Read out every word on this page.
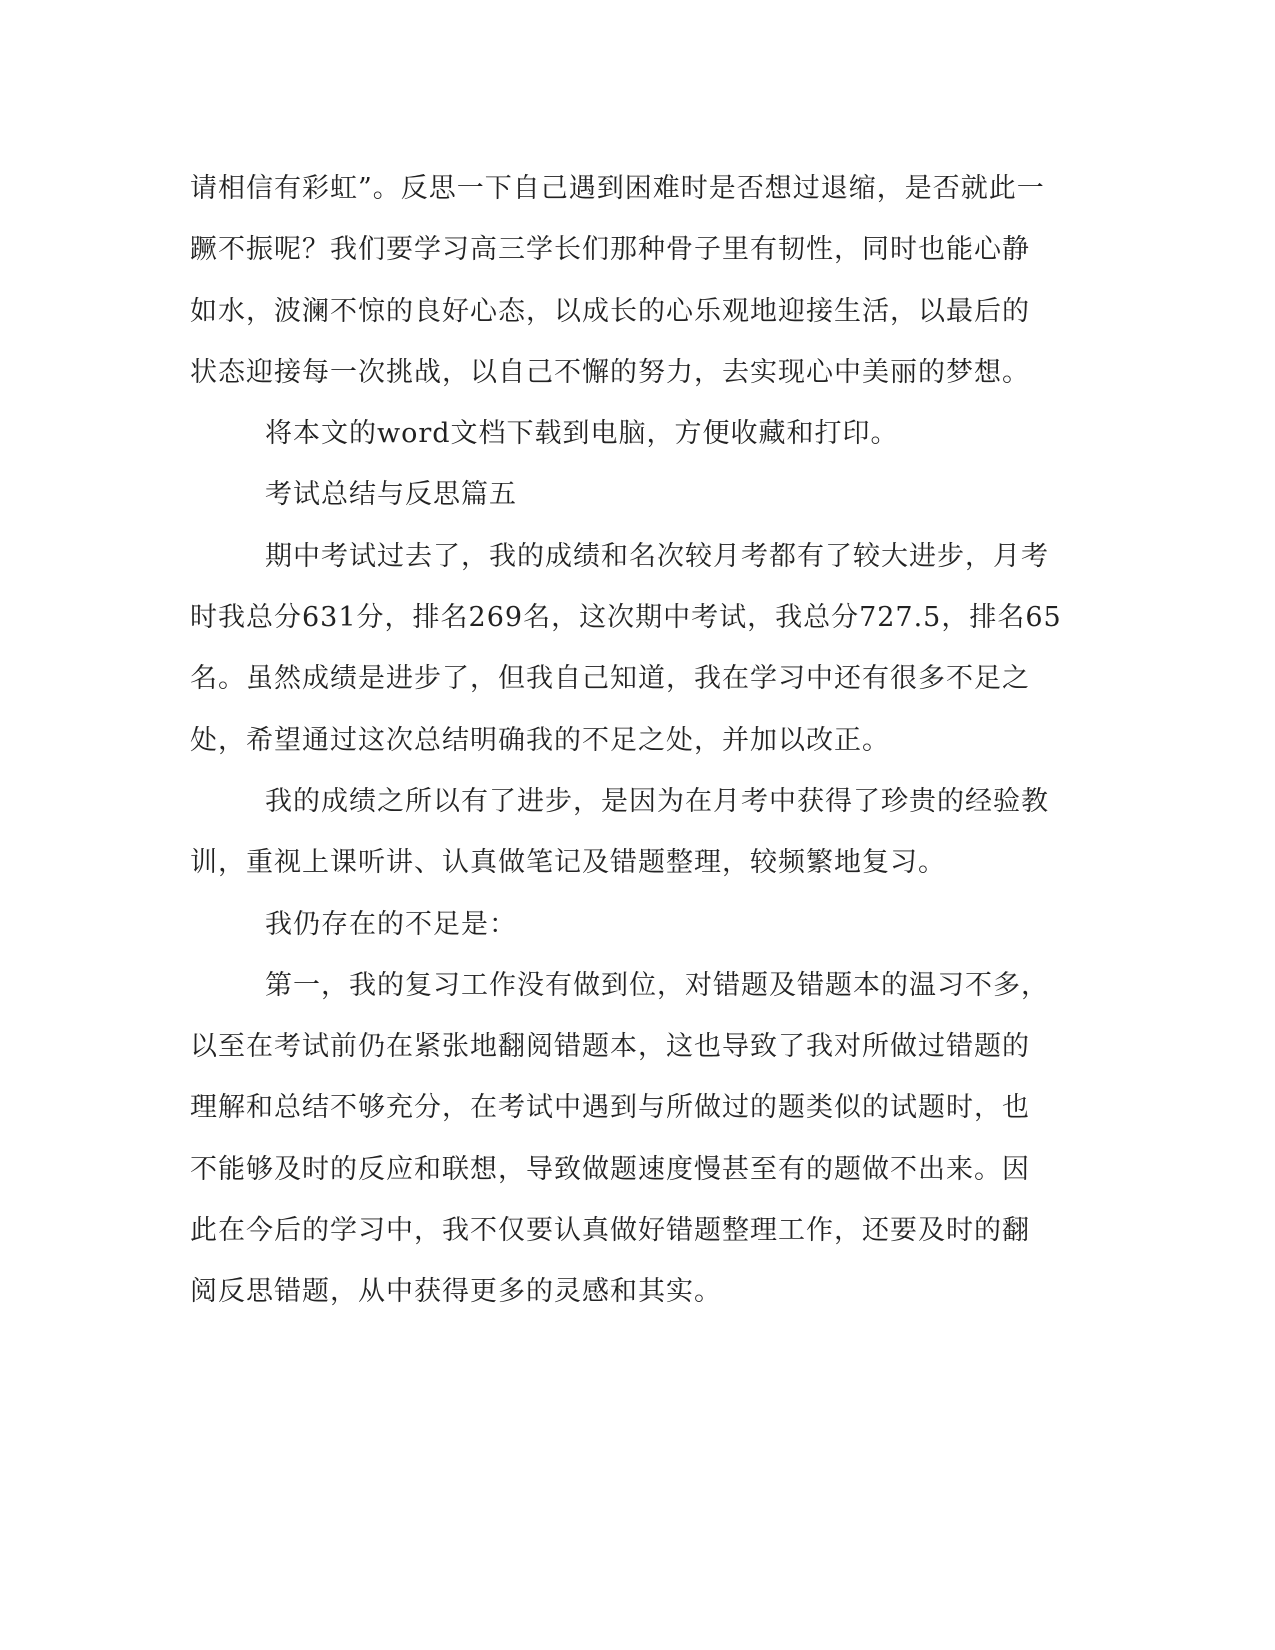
请相信有彩虹”。反思一下自己遇到困难时是否想过退缩，是否就此一
蹶不振呢？我们要学习高三学长们那种骨子里有韧性，同时也能心静
如水，波澜不惊的良好心态，以成长的心乐观地迎接生活，以最后的
状态迎接每一次挑战，以自己不懈的努力，去实现心中美丽的梦想。
将本文的word文档下载到电脑，方便收藏和打印。
考试总结与反思篇五
期中考试过去了，我的成绩和名次较月考都有了较大进步，月考
时我总分631分，排名269名，这次期中考试，我总分727.5，排名65
名。虽然成绩是进步了，但我自己知道，我在学习中还有很多不足之
处，希望通过这次总结明确我的不足之处，并加以改正。
我的成绩之所以有了进步，是因为在月考中获得了珍贵的经验教
训，重视上课听讲、认真做笔记及错题整理，较频繁地复习。
我仍存在的不足是：
第一，我的复习工作没有做到位，对错题及错题本的温习不多，
以至在考试前仍在紧张地翻阅错题本，这也导致了我对所做过错题的
理解和总结不够充分，在考试中遇到与所做过的题类似的试题时，也
不能够及时的反应和联想，导致做题速度慢甚至有的题做不出来。因
此在今后的学习中，我不仅要认真做好错题整理工作，还要及时的翻
阅反思错题，从中获得更多的灵感和其实。
